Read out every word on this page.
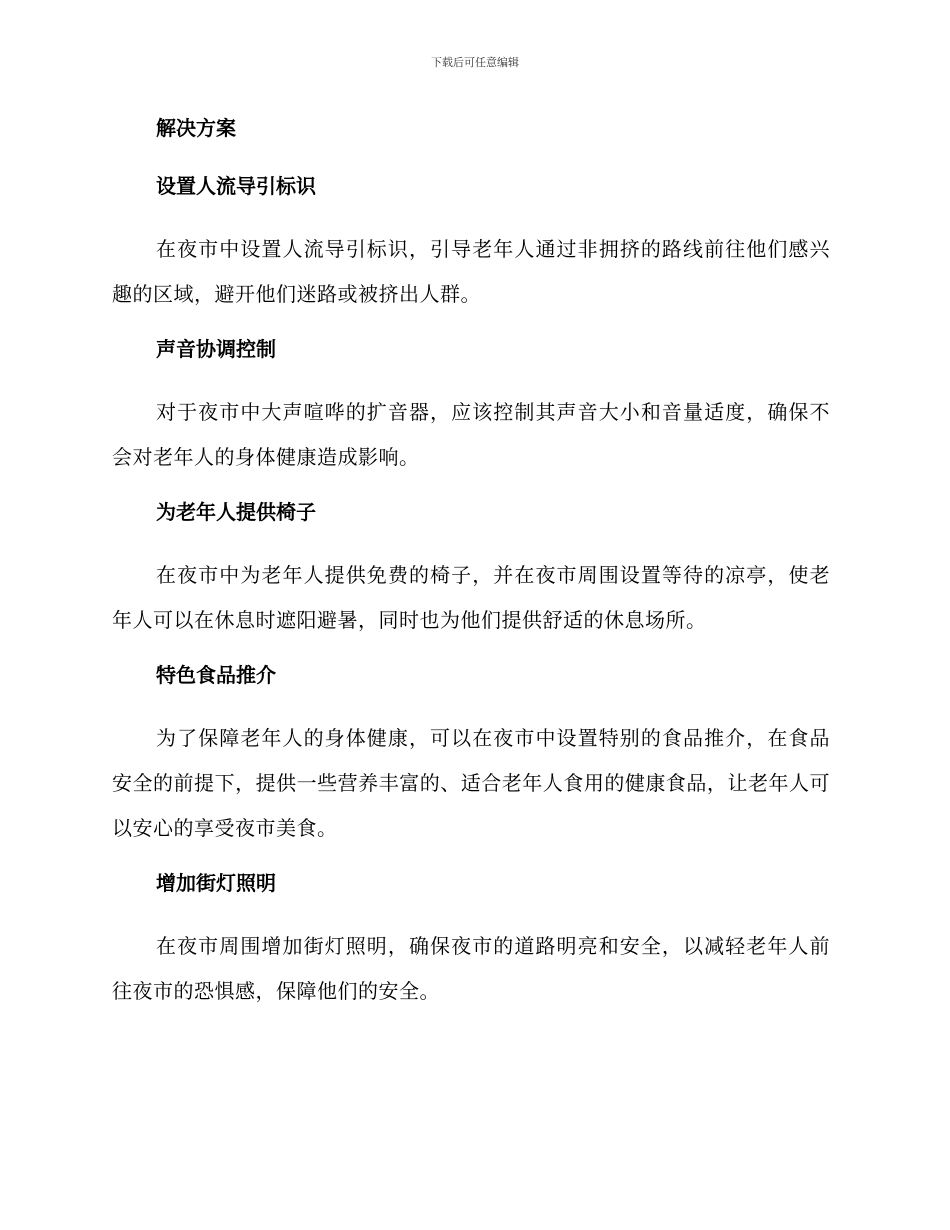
下载后可任意编辑
解决方案
设置人流导引标识

在夜市中设置人流导引标识，引导老年人通过非拥挤的路线前往他们感兴趣的区域，避开他们迷路或被挤出人群。

声音协调控制

对于夜市中大声喧哗的扩音器，应该控制其声音大小和音量适度，确保不会对老年人的身体健康造成影响。

为老年人提供椅子

在夜市中为老年人提供免费的椅子，并在夜市周围设置等待的凉亭，使老年人可以在休息时遮阳避暑，同时也为他们提供舒适的休息场所。

特色食品推介

为了保障老年人的身体健康，可以在夜市中设置特别的食品推介，在食品安全的前提下，提供一些营养丰富的、适合老年人食用的健康食品，让老年人可以安心的享受夜市美食。

增加街灯照明

在夜市周围增加街灯照明，确保夜市的道路明亮和安全，以减轻老年人前往夜市的恐惧感，保障他们的安全。
